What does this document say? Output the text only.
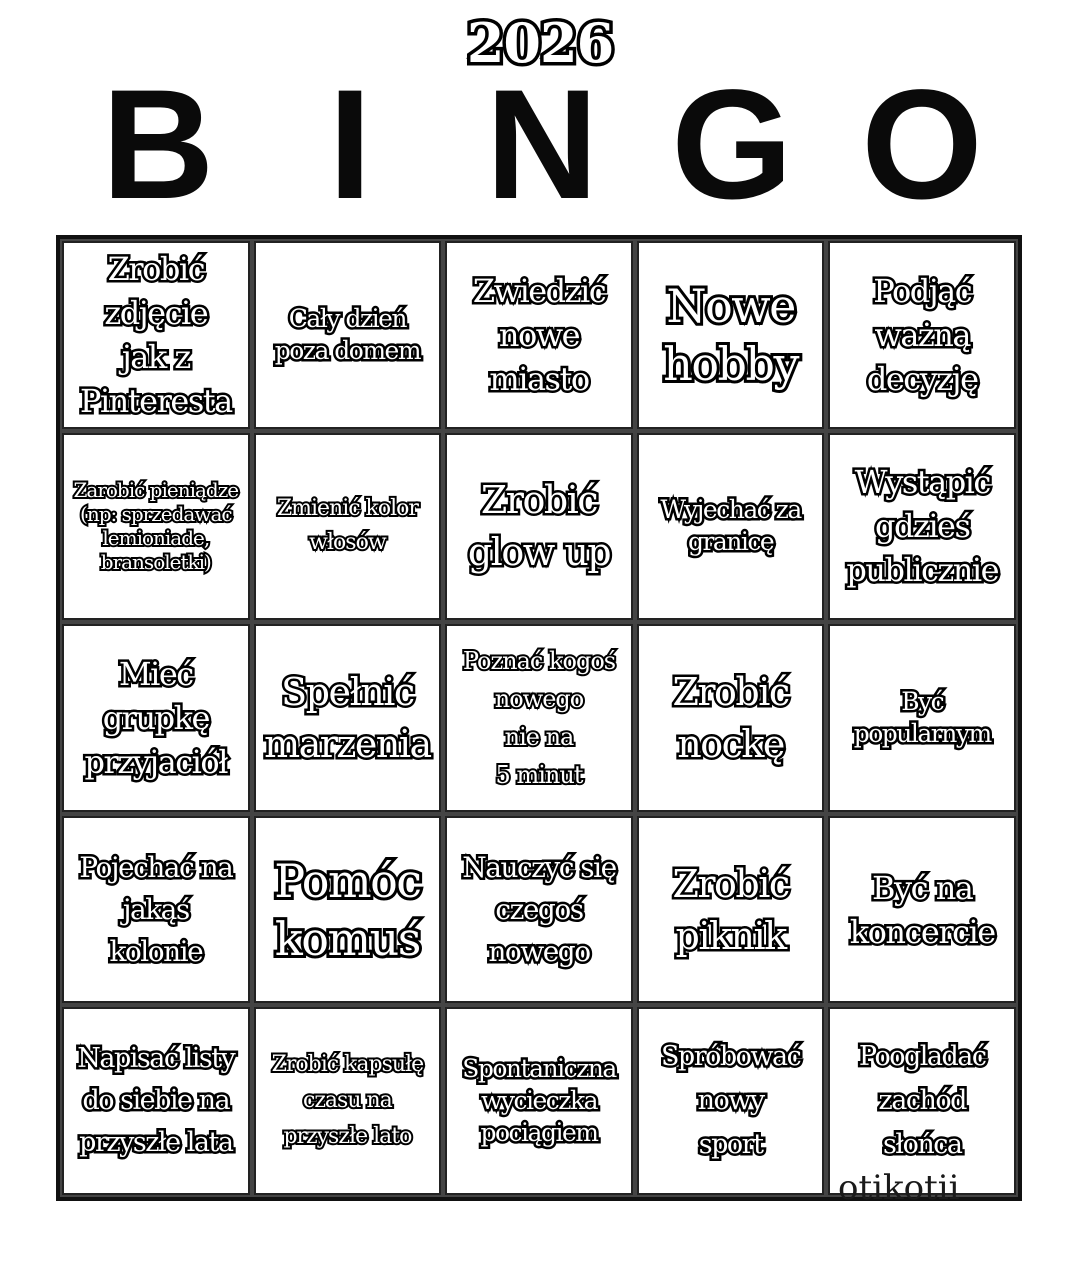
2026
B I N G O
Zrobić
zdjęcie
jak z
Pinteresta
Cały dzień
poza domem
Zwiedzić
nowe
miasto
Nowe
hobby
Podjąć
ważną
decyzję
Zarobić pieniądze
(np: sprzedawać
lemioniade,
bransoletki)
Zmienić kolor
włosów
Zrobić
glow up
Wyjechać za
granicę
Wystąpić
gdzieś
publicznie
Mieć
grupkę
przyjaciół
Spełnić
marzenia
Poznać kogoś
nowego
nie na
5 minut
Zrobić
nockę
Być
popularnym
Pojechać na
jakąś
kolonie
Pomóc
komuś
Nauczyć się
czegoś
nowego
Zrobić
piknik
Być na
koncercie
Napisać listy
do siebie na
przyszłe lata
Zrobić kapsułę
czasu na
przyszłe lato
Spontaniczna
wycieczka
pociągiem
Spróbować
nowy
sport
Poogladać
zachód
słońca
otikotii
